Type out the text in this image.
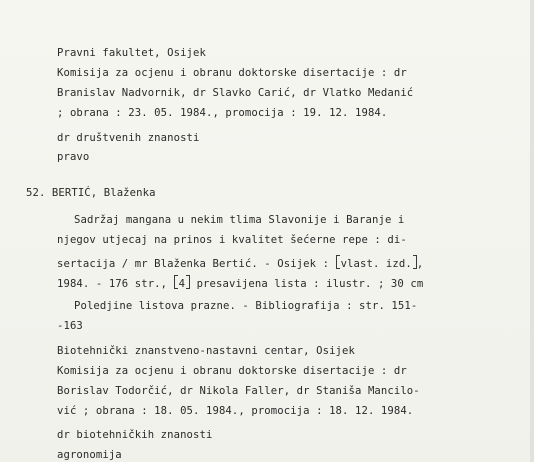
Pravni fakultet, Osijek
Komisija za ocjenu i obranu doktorske disertacije : dr
Branislav Nadvornik, dr Slavko Carić, dr Vlatko Medanić
; obrana : 23. 05. 1984., promocija : 19. 12. 1984.
dr društvenih znanosti
pravo
52. BERTIĆ, Blaženka
Sadržaj mangana u nekim tlima Slavonije i Baranje i
njegov utjecaj na prinos i kvalitet šećerne repe : di-
sertacija / mr Blaženka Bertić. - Osijek : vlast. izd. ,
1984. - 176 str., 4 presavijena lista : ilustr. ; 30 cm
Poledjine listova prazne. - Bibliografija : str. 151-
-163
Biotehnički znanstveno-nastavni centar, Osijek
Komisija za ocjenu i obranu doktorske disertacije : dr
Borislav Todorčić, dr Nikola Faller, dr Staniša Mancilo-
vić ; obrana : 18. 05. 1984., promocija : 18. 12. 1984.
dr biotehničkih znanosti
agronomija
